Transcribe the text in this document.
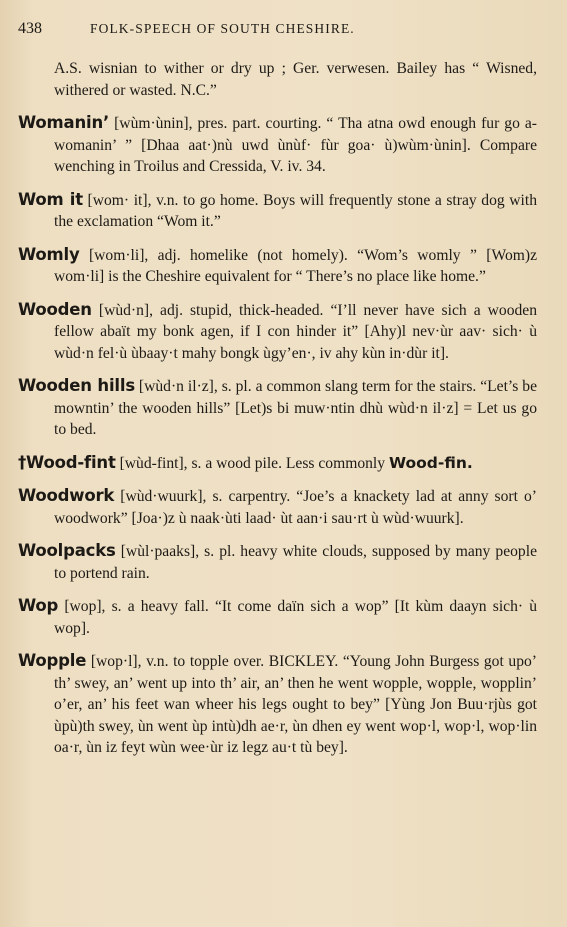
438	FOLK-SPEECH OF SOUTH CHESHIRE.
A.S. wisnian to wither or dry up ; Ger. verwesen. Bailey has “ Wisned, withered or wasted. N.C.”
Womanin’ [wùm·ùnin], pres. part. courting. “ Tha atna owd enough fur go a-womanin’ ” [Dhaa aat·)nù uwd ùnùf· fùr goa· ù)wùm·ùnin]. Compare wenching in Troilus and Cressida, V. iv. 34.
Wom it [wom· it], v.n. to go home. Boys will frequently stone a stray dog with the exclamation “Wom it.”
Womly [wom·li], adj. homelike (not homely). “Wom’s womly ” [Wom)z wom·li] is the Cheshire equivalent for “ There’s no place like home.”
Wooden [wùd·n], adj. stupid, thick-headed. “I’ll never have sich a wooden fellow abaït my bonk agen, if I con hinder it” [Ahy)l nev·ùr aav· sich· ù wùd·n fel·ù ùbaay·t mahy bongk ùgy’en·, iv ahy kùn in·dùr it].
Wooden hills [wùd·n il·z], s. pl. a common slang term for the stairs. “Let’s be mowntin’ the wooden hills” [Let)s bi muw·ntin dhù wùd·n il·z] = Let us go to bed.
†Wood-fint [wùd-fint], s. a wood pile. Less commonly Wood-fin.
Woodwork [wùd·wuurk], s. carpentry. “Joe’s a knackety lad at anny sort o’ woodwork” [Joa·)z ù naak·ùti laad· ùt aan·i sau·rt ù wùd·wuurk].
Woolpacks [wùl·paaks], s. pl. heavy white clouds, supposed by many people to portend rain.
Wop [wop], s. a heavy fall. “It come daïn sich a wop” [It kùm daayn sich· ù wop].
Wopple [wop·l], v.n. to topple over. BICKLEY. “Young John Burgess got upo’ th’ swey, an’ went up into th’ air, an’ then he went wopple, wopple, wopplin’ o’er, an’ his feet wan wheer his legs ought to bey” [Yùng Jon Buu·rjùs got ùpù)th swey, ùn went ùp intù)dh ae·r, ùn dhen ey went wop·l, wop·l, wop·lin oa·r, ùn iz feyt wùn wee·ùr iz legz au·t tù bey].
